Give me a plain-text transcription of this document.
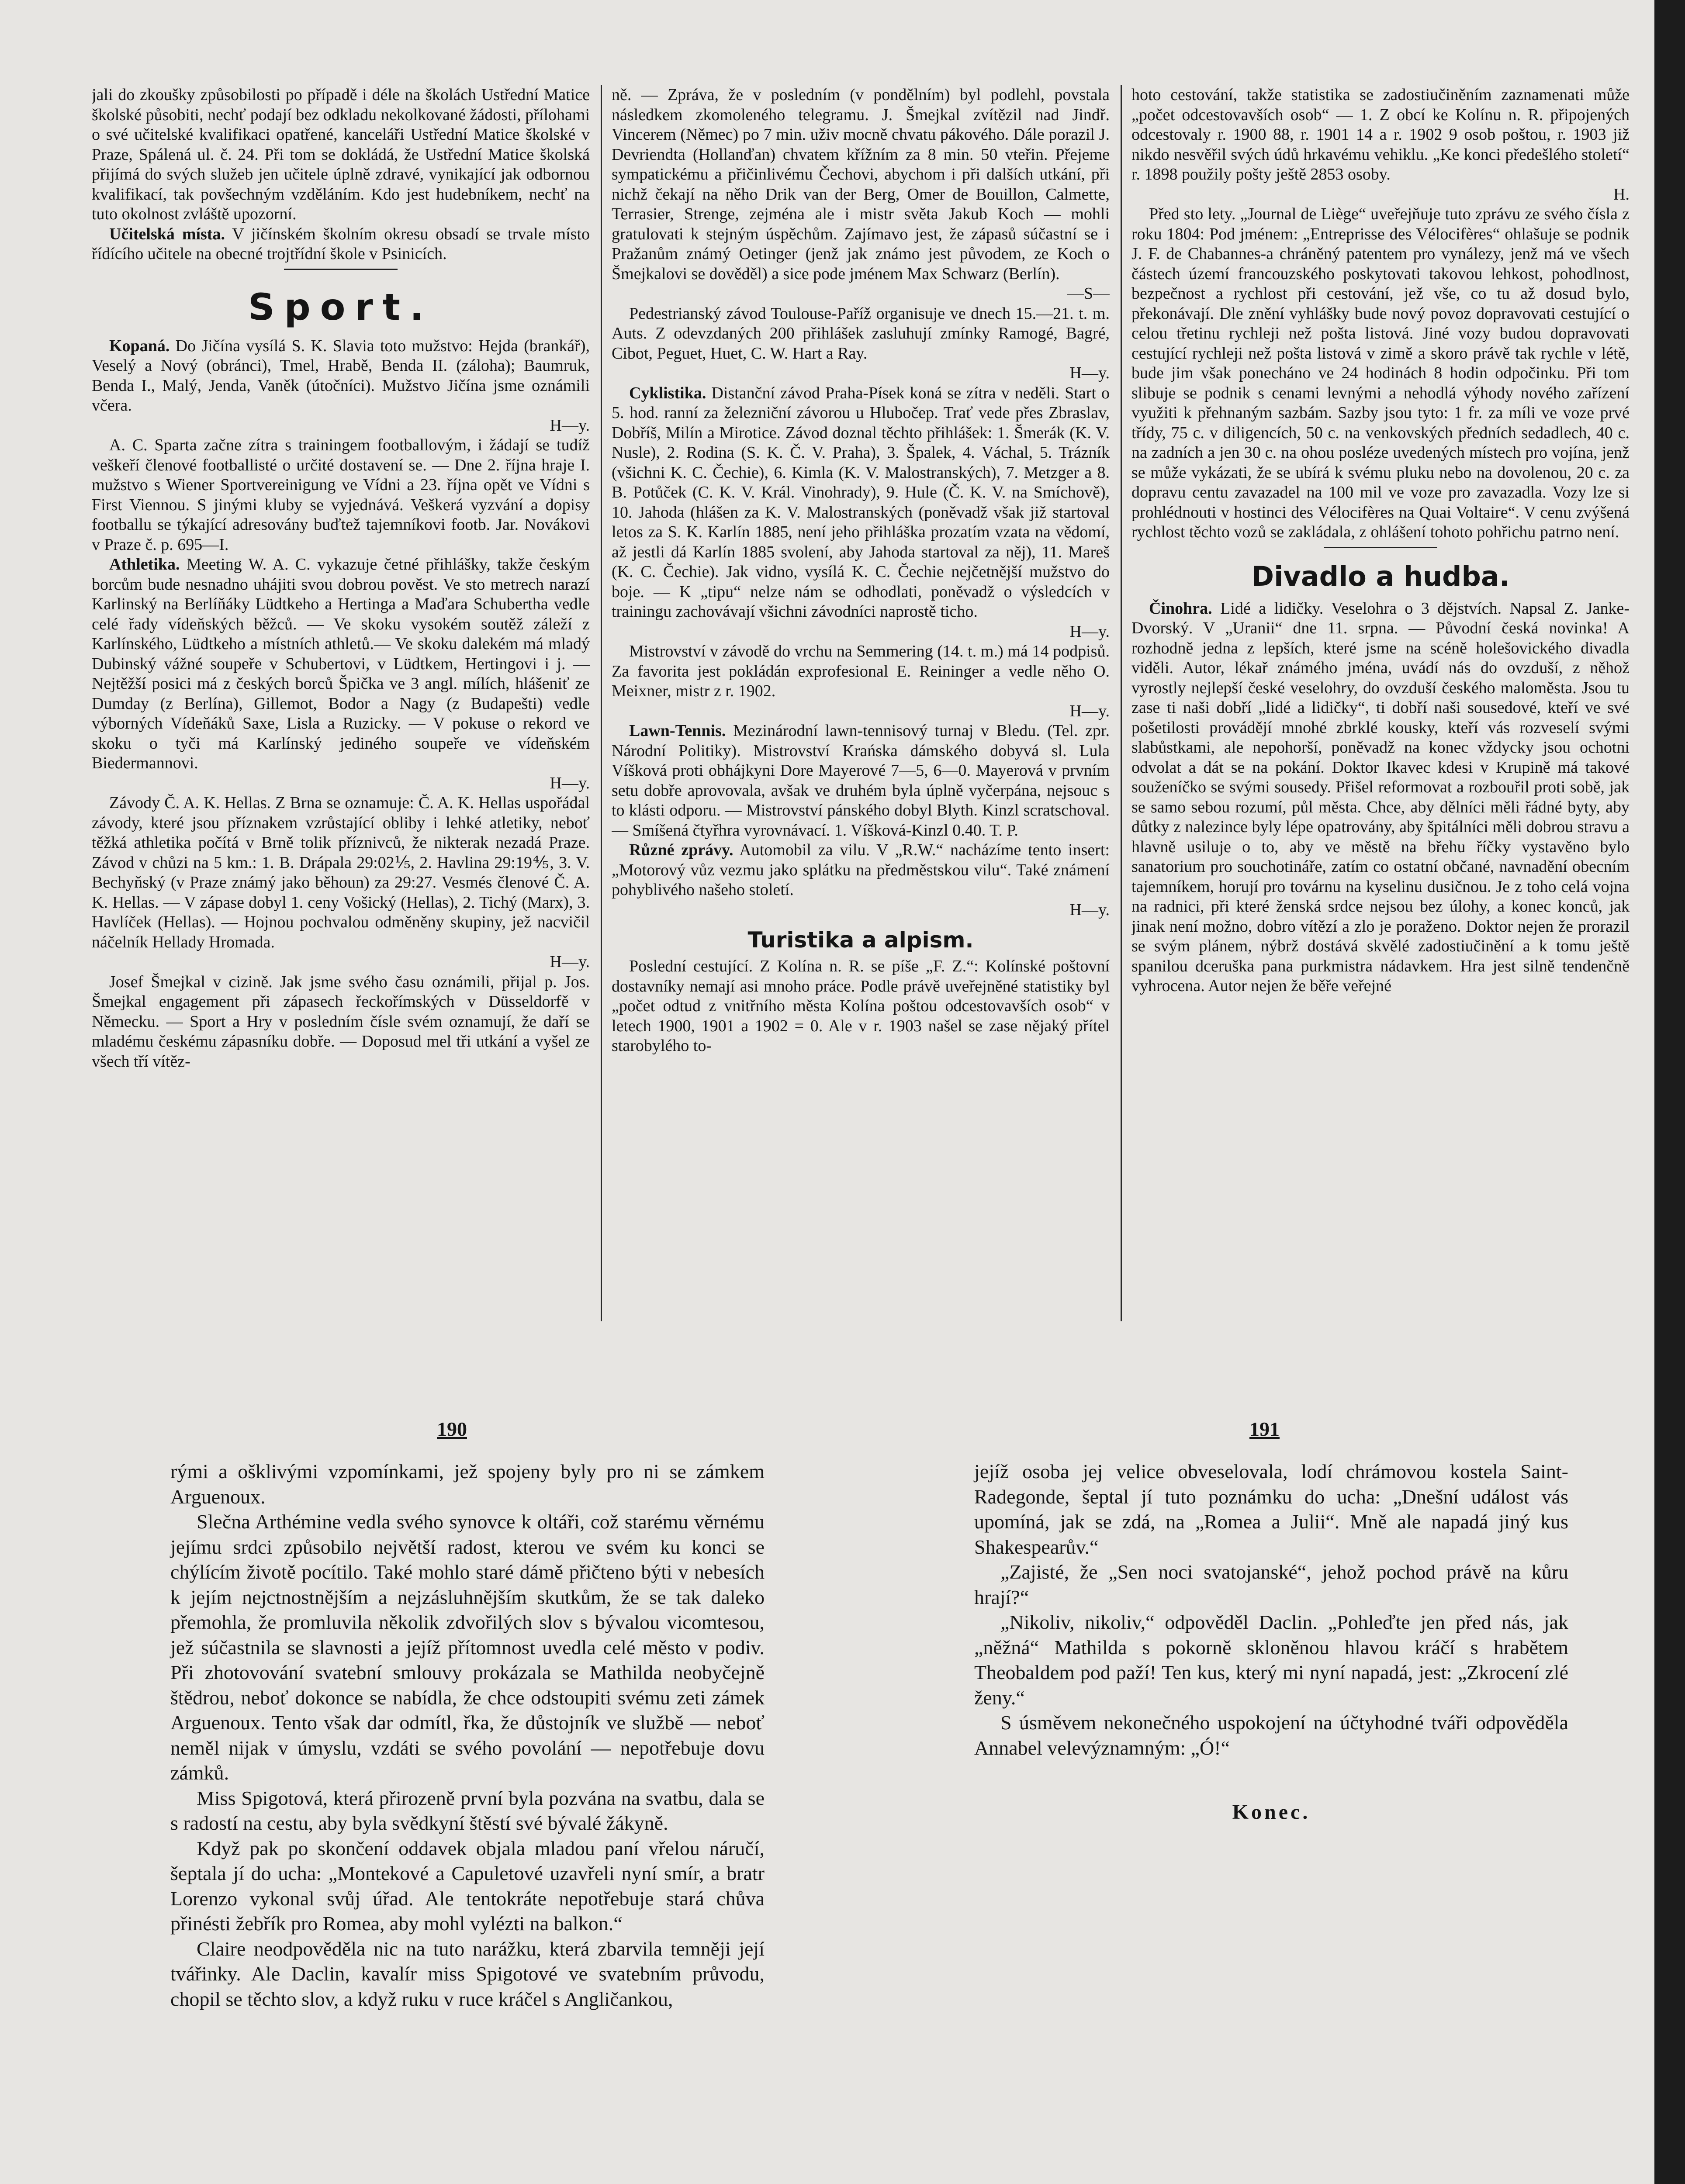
jali do zkoušky způsobilosti po případě i déle na školách Ustřední Matice školské působiti, nechť podají bez odkladu nekolkované žádosti, přílohami o své učitelské kvalifikaci opatřené, kanceláři Ustřední Matice školské v Praze, Spálená ul. č. 24. Při tom se dokládá, že Ustřední Matice školská přijímá do svých služeb jen učitele úplně zdravé, vynikající jak odbornou kvalifikací, tak povšechným vzděláním. Kdo jest hudebníkem, nechť na tuto okolnost zvláště upozorní.

Učitelská místa. V jičínském školním okresu obsadí se trvale místo řídícího učitele na obecné trojtřídní škole v Psinicích.

Sport.

Kopaná. Do Jičína vysílá S. K. Slavia toto mužstvo: Hejda (brankář), Veselý a Nový (obránci), Tmel, Hrabě, Benda II. (záloha); Baumruk, Benda I., Malý, Jenda, Vaněk (útočníci). Mužstvo Jičína jsme oznámili včera.

H—y.

A. C. Sparta začne zítra s trainingem footballovým, i žádají se tudíž veškeří členové footballisté o určité dostavení se. — Dne 2. října hraje I. mužstvo s Wiener Sportvereinigung ve Vídni a 23. října opět ve Vídni s First Viennou. S jinými kluby se vyjednává. Veškerá vyzvání a dopisy footballu se týkající adresovány buďtež tajemníkovi footb. Jar. Novákovi v Praze č. p. 695—I.

Athletika. Meeting W. A. C. vykazuje četné přihlášky, takže českým borcům bude nesnadno uhájiti svou dobrou pověst. Ve sto metrech narazí Karlinský na Berlíňáky Lüdtkeho a Hertinga a Maďara Schubertha vedle celé řady vídeňských běžců. — Ve skoku vysokém soutěž záleží z Karlínského, Lüdtkeho a místních athletů.— Ve skoku dalekém má mladý Dubinský vážné soupeře v Schubertovi, v Lüdtkem, Hertingovi i j. — Nejtěžší posici má z českých borců Špička ve 3 angl. mílích, hlášeniť ze Dumday (z Berlína), Gillemot, Bodor a Nagy (z Budapešti) vedle výborných Vídeňáků Saxe, Lisla a Ruzicky. — V pokuse o rekord ve skoku o tyči má Karlínský jediného soupeře ve vídeňském Biedermannovi.

H—y.

Závody Č. A. K. Hellas. Z Brna se oznamuje: Č. A. K. Hellas uspořádal závody, které jsou příznakem vzrůstající obliby i lehké atletiky, neboť těžká athletika počítá v Brně tolik příznivců, že nikterak nezadá Praze. Závod v chůzi na 5 km.: 1. B. Drápala 29:02⅕, 2. Havlina 29:19⅘, 3. V. Bechyňský (v Praze známý jako běhoun) za 29:27. Vesmés členové Č. A. K. Hellas. — V zápase dobyl 1. ceny Vošický (Hellas), 2. Tichý (Marx), 3. Havlíček (Hellas). — Hojnou pochvalou odměněny skupiny, jež nacvičil náčelník Hellady Hromada.

H—y.

Josef Šmejkal v cizině. Jak jsme svého času oznámili, přijal p. Jos. Šmejkal engagement při zápasech řeckořímských v Düsseldorfě v Německu. — Sport a Hry v posledním čísle svém oznamují, že daří se mladému českému zápasníku dobře. — Doposud mel tři utkání a vyšel ze všech tří vítěz-

ně. — Zpráva, že v posledním (v pondělním) byl podlehl, povstala následkem zkomoleného telegramu. J. Šmejkal zvítězil nad Jindř. Vincerem (Němec) po 7 min. uživ mocně chvatu pákového. Dále porazil J. Devriendta (Hollanďan) chvatem křížním za 8 min. 50 vteřin. Přejeme sympatickému a přičinlivému Čechovi, abychom i při dalších utkání, při nichž čekají na něho Drik van der Berg, Omer de Bouillon, Calmette, Terrasier, Strenge, zejména ale i mistr světa Jakub Koch — mohli gratulovati k stejným úspěchům. Zajímavo jest, že zápasů súčastní se i Pražanům známý Oetinger (jenž jak známo jest původem, ze Koch o Šmejkalovi se dověděl) a sice pode jménem Max Schwarz (Berlín).

—S—

Pedestrianský závod Toulouse-Paříž organisuje ve dnech 15.—21. t. m. Auts. Z odevzdaných 200 přihlášek zasluhují zmínky Ramogé, Bagré, Cibot, Peguet, Huet, C. W. Hart a Ray.

H—y.

Cyklistika. Distanční závod Praha-Písek koná se zítra v neděli. Start o 5. hod. ranní za železniční závorou u Hlubočep. Trať vede přes Zbraslav, Dobříš, Milín a Mirotice. Závod doznal těchto přihlášek: 1. Šmerák (K. V. Nusle), 2. Rodina (S. K. Č. V. Praha), 3. Špalek, 4. Váchal, 5. Trázník (všichni K. C. Čechie), 6. Kimla (K. V. Malostranských), 7. Metzger a 8. B. Potůček (C. K. V. Král. Vinohrady), 9. Hule (Č. K. V. na Smíchově), 10. Jahoda (hlášen za K. V. Malostranských (poněvadž však již startoval letos za S. K. Karlín 1885, není jeho přihláška prozatím vzata na vědomí, až jestli dá Karlín 1885 svolení, aby Jahoda startoval za něj), 11. Mareš (K. C. Čechie). Jak vidno, vysílá K. C. Čechie nejčetnější mužstvo do boje. — K „tipu“ nelze nám se odhodlati, poněvadž o výsledcích v trainingu zachovávají všichni závodníci naprostě ticho.

H—y.

Mistrovství v závodě do vrchu na Semmering (14. t. m.) má 14 podpisů. Za favorita jest pokládán exprofesional E. Reininger a vedle něho O. Meixner, mistr z r. 1902.

H—y.

Lawn-Tennis. Mezinárodní lawn-tennisový turnaj v Bledu. (Tel. zpr. Národní Politiky). Mistrovství Krańska dámského dobyvá sl. Lula Víšková proti obhájkyni Dore Mayerové 7—5, 6—0. Mayerová v prvním setu dobře aprovovala, avšak ve druhém byla úplně vyčerpána, nejsouc s to klásti odporu. — Mistrovství pánského dobyl Blyth. Kinzl scratschoval. — Smíšená čtyřhra vyrovnávací. 1. Víšková-Kinzl 0.40. T. P.

Různé zprávy. Automobil za vilu. V „R.W.“ nacházíme tento insert: „Motorový vůz vezmu jako splátku na předměstskou vilu“. Také známení pohyblivého našeho století.

H—y.
Turistika a alpism.

Poslední cestující. Z Kolína n. R. se píše „F. Z.“: Kolínské poštovní dostavníky nemají asi mnoho práce. Podle právě uveřejněné statistiky byl „počet odtud z vnitřního města Kolína poštou odcestovavších osob“ v letech 1900, 1901 a 1902 = 0. Ale v r. 1903 našel se zase nějaký přítel starobylého to-

hoto cestování, takže statistika se zadostiučiněním zaznamenati může „počet odcestovavších osob“ — 1. Z obcí ke Kolínu n. R. připojených odcestovaly r. 1900 88, r. 1901 14 a r. 1902 9 osob poštou, r. 1903 již nikdo nesvěřil svých údů hrkavému vehiklu. „Ke konci předešlého století“ r. 1898 použily pošty ještě 2853 osoby.

H.

Před sto lety. „Journal de Liège“ uveřejňuje tuto zprávu ze svého čísla z roku 1804: Pod jménem: „Entreprisse des Vélocifères“ ohlašuje se podnik J. F. de Chabannes-a chráněný patentem pro vynálezy, jenž má ve všech částech území francouzského poskytovati takovou lehkost, pohodlnost, bezpečnost a rychlost při cestování, jež vše, co tu až dosud bylo, překonávají. Dle znění vyhlášky bude nový povoz dopravovati cestující o celou třetinu rychleji než pošta listová. Jiné vozy budou dopravovati cestující rychleji než pošta listová v zimě a skoro právě tak rychle v létě, bude jim však ponecháno ve 24 hodinách 8 hodin odpočinku. Při tom slibuje se podnik s cenami levnými a nehodlá výhody nového zařízení využiti k přehnaným sazbám. Sazby jsou tyto: 1 fr. za míli ve voze prvé třídy, 75 c. v diligencích, 50 c. na venkovských předních sedadlech, 40 c. na zadních a jen 30 c. na ohou posléze uvedených místech pro vojína, jenž se může vykázati, že se ubírá k svému pluku nebo na dovolenou, 20 c. za dopravu centu zavazadel na 100 mil ve voze pro zavazadla. Vozy lze si prohlédnouti v hostinci des Vélocifères na Quai Voltaire“. V cenu zvýšená rychlost těchto vozů se zakládala, z ohlášení tohoto pohřichu patrno není.

Divadlo a hudba.

Činohra. Lidé a lidičky. Veselohra o 3 dějstvích. Napsal Z. Janke-Dvorský. V „Uranii“ dne 11. srpna. — Původní česká novinka! A rozhodně jedna z lepších, které jsme na scéně holešovického divadla viděli. Autor, lékař známého jména, uvádí nás do ovzduší, z něhož vyrostly nejlepší české veselohry, do ovzduší českého maloměsta. Jsou tu zase ti naši dobří „lidé a lidičky“, ti dobří naši sousedové, kteří ve své pošetilosti provádějí mnohé zbrklé kousky, kteří vás rozveselí svými slabůstkami, ale nepohorší, poněvadž na konec vždycky jsou ochotni odvolat a dát se na pokání. Doktor Ikavec kdesi v Krupině má takové souženíčko se svými sousedy. Přišel reformovat a rozbouřil proti sobě, jak se samo sebou rozumí, půl města. Chce, aby dělníci měli řádné byty, aby důtky z nalezince byly lépe opatrovány, aby špitálníci měli dobrou stravu a hlavně usiluje o to, aby ve městě na břehu říčky vystavěno bylo sanatorium pro souchotináře, zatím co ostatní občané, navnadění obecním tajemníkem, horují pro továrnu na kyselinu dusičnou. Je z toho celá vojna na radnici, při které ženská srdce nejsou bez úlohy, a konec konců, jak jinak není možno, dobro vítězí a zlo je poraženo. Doktor nejen že prorazil se svým plánem, nýbrž dostává skvělé zadostiučinění a k tomu ještě spanilou dceruška pana purkmistra nádavkem. Hra jest silně tendenčně vyhrocena. Autor nejen že běře veřejné

190	191

rými a ošklivými vzpomínkami, jež spojeny byly pro ni se zámkem Arguenoux.

Slečna Arthémine vedla svého synovce k oltáři, což starému věrnému jejímu srdci způsobilo největší radost, kterou ve svém ku konci se chýlícím životě pocítilo. Také mohlo staré dámě přičteno býti v nebesích k jejím nejctnostnějším a nejzásluhnějším skutkům, že se tak daleko přemohla, že promluvila několik zdvořilých slov s bývalou vicomtesou, jež súčastnila se slavnosti a jejíž přítomnost uvedla celé město v podiv. Při zhotovování svatební smlouvy prokázala se Mathilda neobyčejně štědrou, neboť dokonce se nabídla, že chce odstoupiti svému zeti zámek Arguenoux. Tento však dar odmítl, řka, že důstojník ve službě — neboť neměl nijak v úmyslu, vzdáti se svého povolání — nepotřebuje dovu zámků.

Miss Spigotová, která přirozeně první byla pozvána na svatbu, dala se s radostí na cestu, aby byla svědkyní štěstí své bývalé žákyně.

Když pak po skončení oddavek objala mladou paní vřelou náručí, šeptala jí do ucha: „Montekové a Capuletové uzavřeli nyní smír, a bratr Lorenzo vykonal svůj úřad. Ale tentokráte nepotřebuje stará chůva přinésti žebřík pro Romea, aby mohl vylézti na balkon.“

Claire neodpověděla nic na tuto narážku, která zbarvila temněji její tvářinky. Ale Daclin, kavalír miss Spigotové ve svatebním průvodu, chopil se těchto slov, a když ruku v ruce kráčel s Angličankou,

jejíž osoba jej velice obveselovala, lodí chrámovou kostela Saint-Radegonde, šeptal jí tuto poznámku do ucha: „Dnešní událost vás upomíná, jak se zdá, na „Romea a Julii“. Mně ale napadá jiný kus Shakespearův.“

„Zajisté, že „Sen noci svatojanské“, jehož pochod právě na kůru hrají?“

„Nikoliv, nikoliv,“ odpověděl Daclin. „Pohleďte jen před nás, jak „něžná“ Mathilda s pokorně skloněnou hlavou kráčí s hrabětem Theobaldem pod paží! Ten kus, který mi nyní napadá, jest: „Zkrocení zlé ženy.“

S úsměvem nekonečného uspokojení na účtyhodné tváři odpověděla Annabel velevýznamným: „Ó!“

Konec.
